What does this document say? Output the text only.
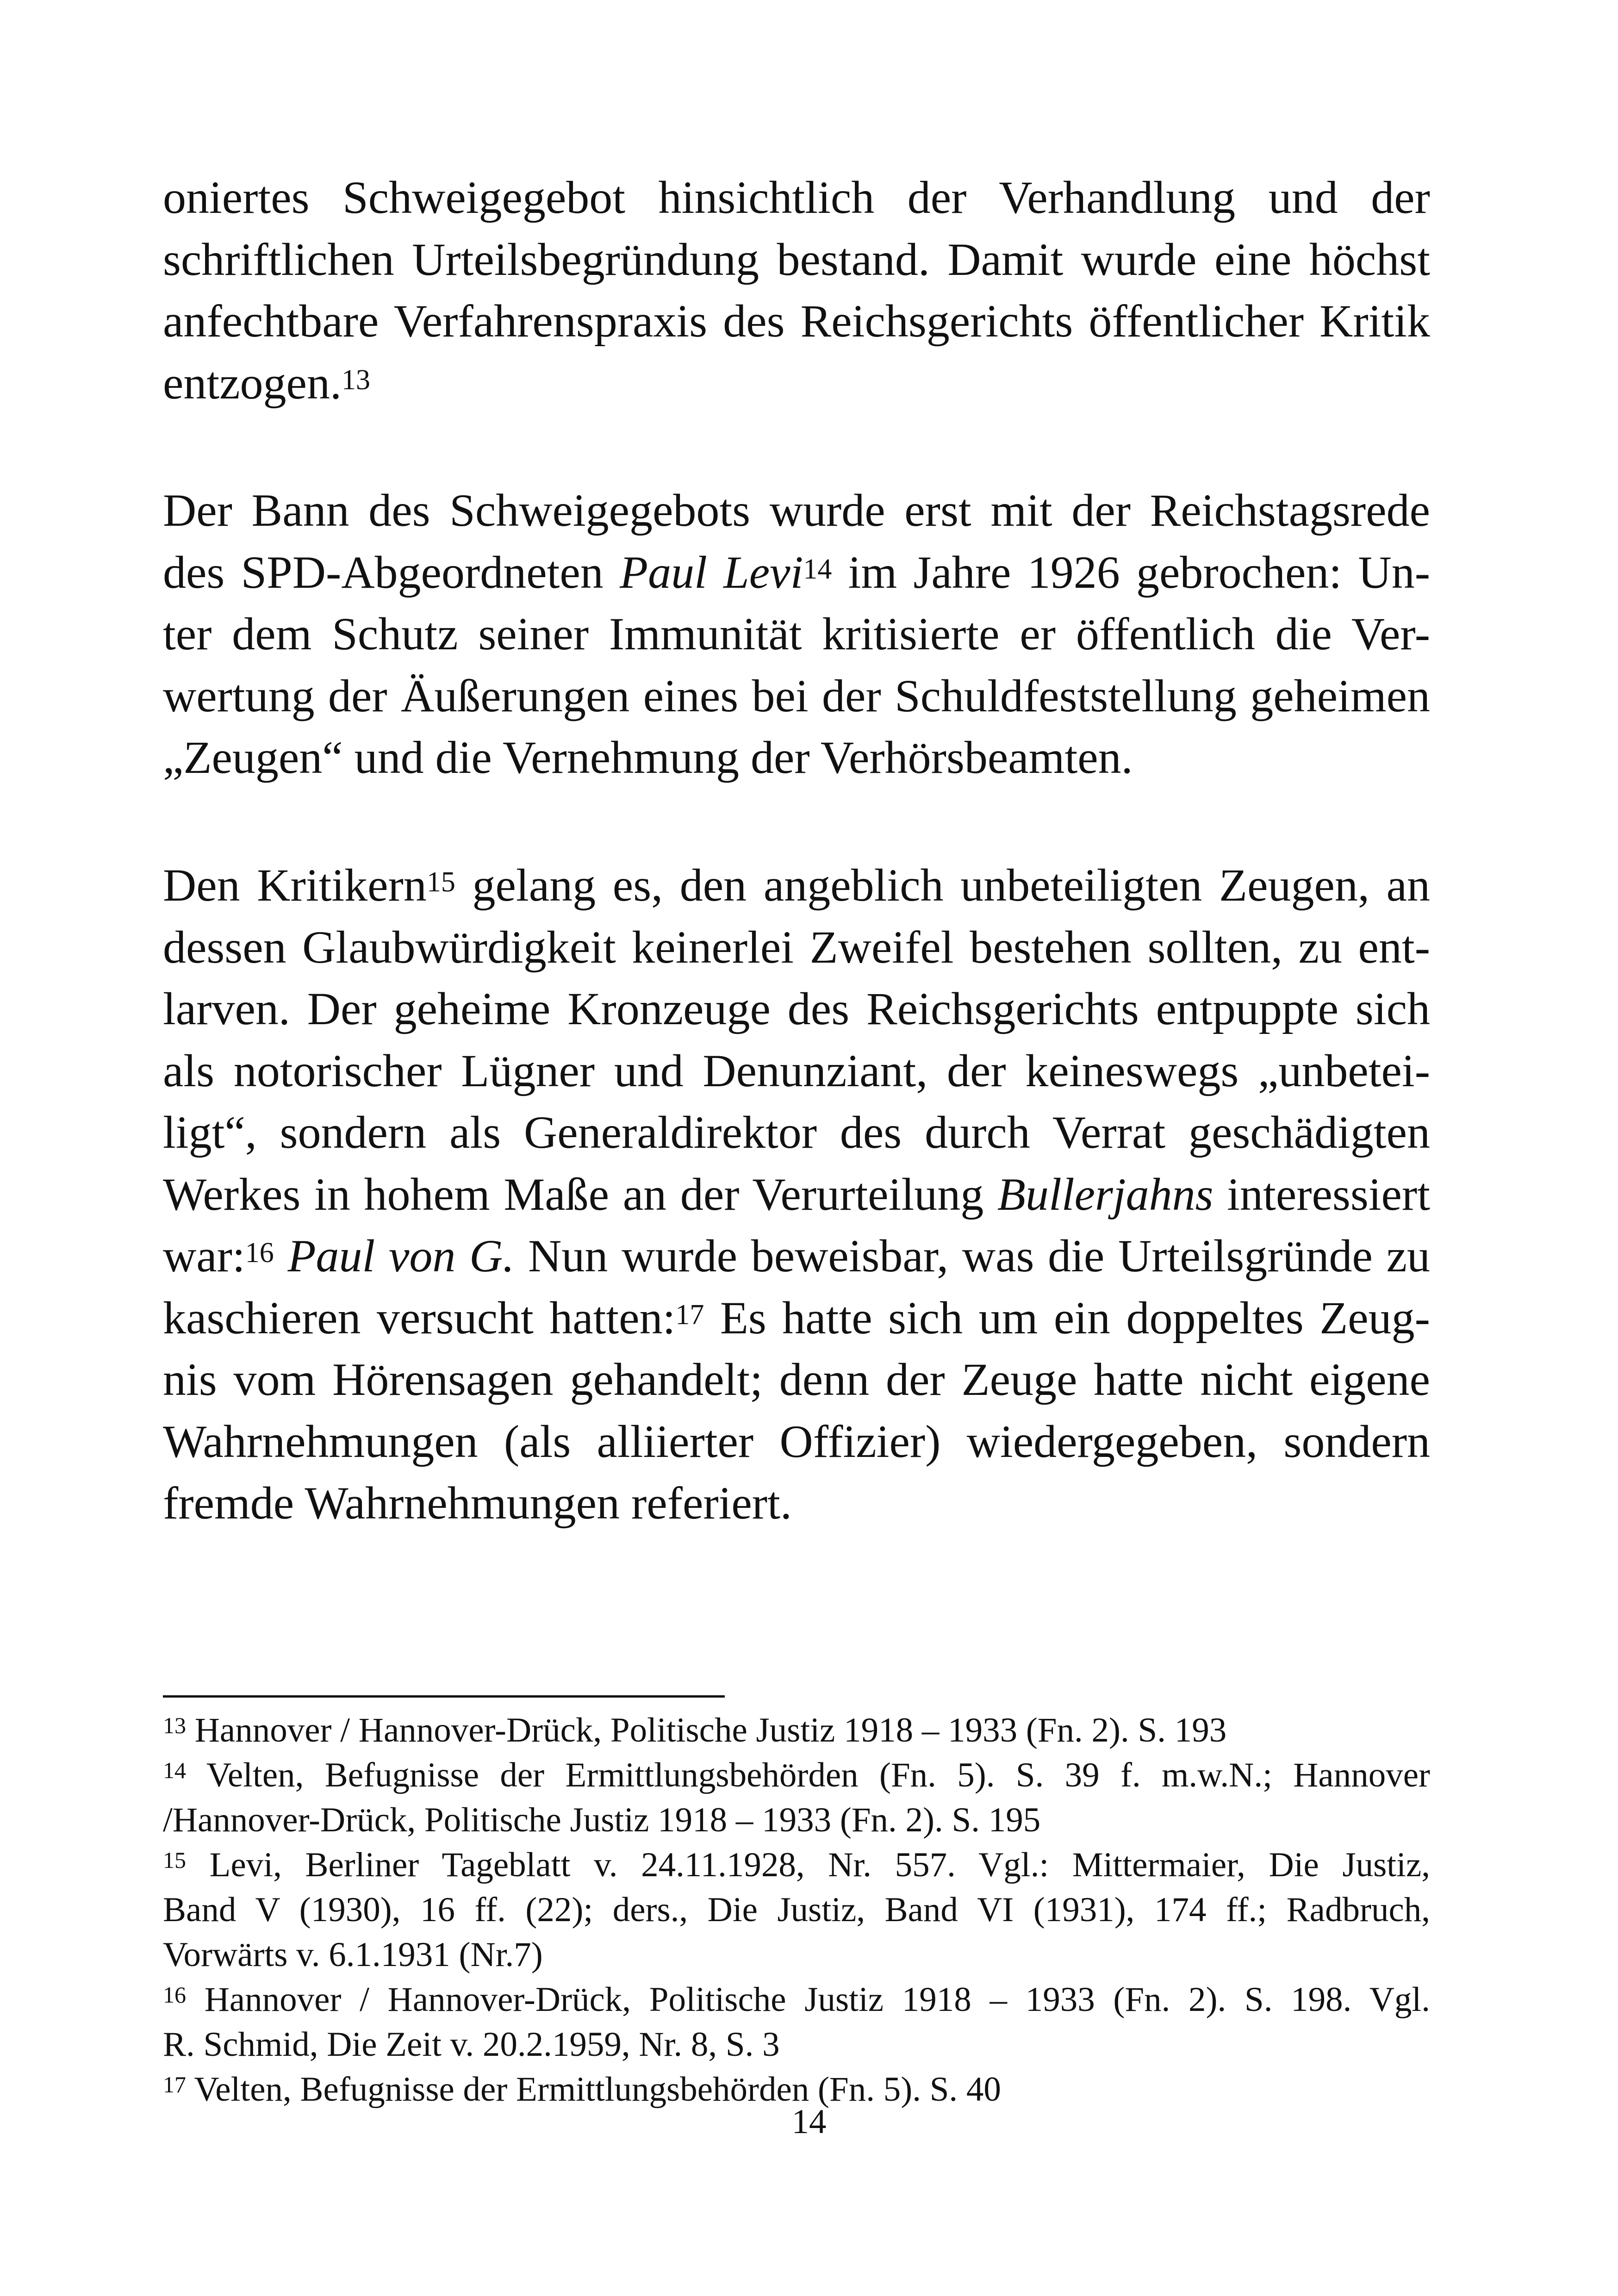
oniertes Schweigegebot hinsichtlich der Verhandlung und der
schriftlichen Urteilsbegründung bestand. Damit wurde eine höchst
anfechtbare Verfahrenspraxis des Reichsgerichts öffentlicher Kritik
entzogen.$^{13}$
Der Bann des Schweigegebots wurde erst mit der Reichstagsrede
des SPD-Abgeordneten Paul Levi$^{14}$ im Jahre 1926 gebrochen: Un-
ter dem Schutz seiner Immunität kritisierte er öffentlich die Ver-
wertung der Äußerungen eines bei der Schuldfeststellung geheimen
„Zeugen“ und die Vernehmung der Verhörsbeamten.
Den Kritikern$^{15}$ gelang es, den angeblich unbeteiligten Zeugen, an
dessen Glaubwürdigkeit keinerlei Zweifel bestehen sollten, zu ent-
larven. Der geheime Kronzeuge des Reichsgerichts entpuppte sich
als notorischer Lügner und Denunziant, der keineswegs „unbetei-
ligt“, sondern als Generaldirektor des durch Verrat geschädigten
Werkes in hohem Maße an der Verurteilung Bullerjahns interessiert
war:$^{16}$ Paul von G. Nun wurde beweisbar, was die Urteilsgründe zu
kaschieren versucht hatten:$^{17}$ Es hatte sich um ein doppeltes Zeug-
nis vom Hörensagen gehandelt; denn der Zeuge hatte nicht eigene
Wahrnehmungen (als alliierter Offizier) wiedergegeben, sondern
fremde Wahrnehmungen referiert.
$^{13}$ Hannover / Hannover-Drück, Politische Justiz 1918 – 1933 (Fn. 2). S. 193
$^{14}$ Velten, Befugnisse der Ermittlungsbehörden (Fn. 5). S. 39 f. m.w.N.; Hannover
/Hannover-Drück, Politische Justiz 1918 – 1933 (Fn. 2). S. 195
$^{15}$ Levi, Berliner Tageblatt v. 24.11.1928, Nr. 557. Vgl.: Mittermaier, Die Justiz,
Band V (1930), 16 ff. (22); ders., Die Justiz, Band VI (1931), 174 ff.; Radbruch,
Vorwärts v. 6.1.1931 (Nr.7)
$^{16}$ Hannover / Hannover-Drück, Politische Justiz 1918 – 1933 (Fn. 2). S. 198. Vgl.
R. Schmid, Die Zeit v. 20.2.1959, Nr. 8, S. 3
$^{17}$ Velten, Befugnisse der Ermittlungsbehörden (Fn. 5). S. 40
14
